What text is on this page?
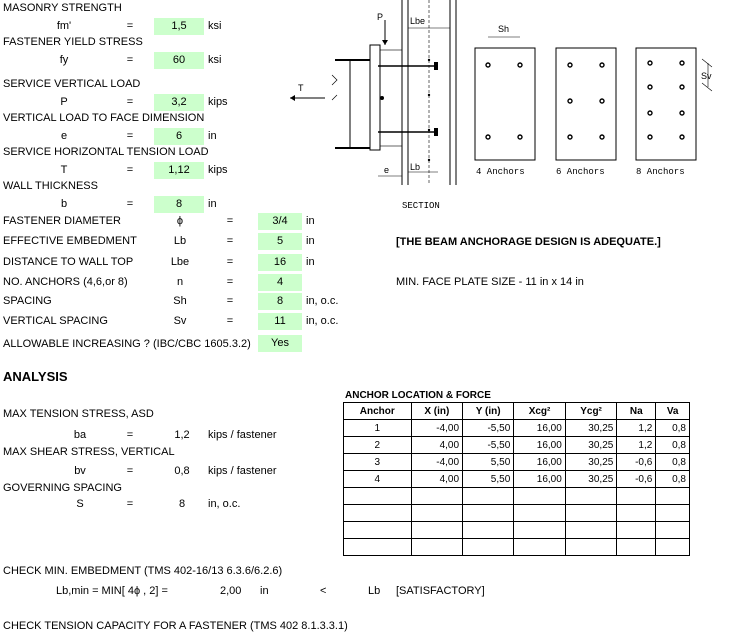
MASONRY STRENGTH
fm'	=	1,5	ksi
FASTENER YIELD STRESS
fy	=	60	ksi
SERVICE VERTICAL LOAD
P	=	3,2	kips
VERTICAL LOAD TO FACE DIMENSION
e	=	6	in
SERVICE HORIZONTAL TENSION LOAD
T	=	1,12	kips
WALL THICKNESS
b	=	8	in
FASTENER DIAMETER	ϕ	=	3/4	in
EFFECTIVE EMBEDMENT	Lb	=	5	in
DISTANCE TO WALL TOP	Lbe	=	16	in
NO. ANCHORS (4,6,or 8)	n	=	4
SPACING	Sh	=	8	in, o.c.
VERTICAL SPACING	Sv	=	11	in, o.c.
ALLOWABLE INCREASING ? (IBC/CBC 1605.3.2)	Yes
[THE BEAM ANCHORAGE DESIGN IS ADEQUATE.]
MIN. FACE PLATE SIZE - 11 in x 14 in
P
T
Lbe
Lb
e
SECTION
Sh
Sv
4 Anchors	6 Anchors	8 Anchors
ANALYSIS
MAX TENSION STRESS, ASD
ba	=	1,2	kips / fastener
MAX SHEAR STRESS, VERTICAL
bv	=	0,8	kips / fastener
GOVERNING SPACING
S	=	8	in, o.c.
CHECK MIN. EMBEDMENT (TMS 402-16/13 6.3.6/6.2.6)
Lb,min = MIN[ 4ϕ , 2] =	2,00 in	<	Lb [SATISFACTORY]
CHECK TENSION CAPACITY FOR A FASTENER (TMS 402 8.1.3.3.1)
ANCHOR LOCATION & FORCE
Anchor	X (in)	Y (in)	Xcg²	Ycg²	Na	Va
1	-4,00	-5,50	16,00	30,25	1,2	0,8
2	4,00	-5,50	16,00	30,25	1,2	0,8
3	-4,00	5,50	16,00	30,25	-0,6	0,8
4	4,00	5,50	16,00	30,25	-0,6	0,8
